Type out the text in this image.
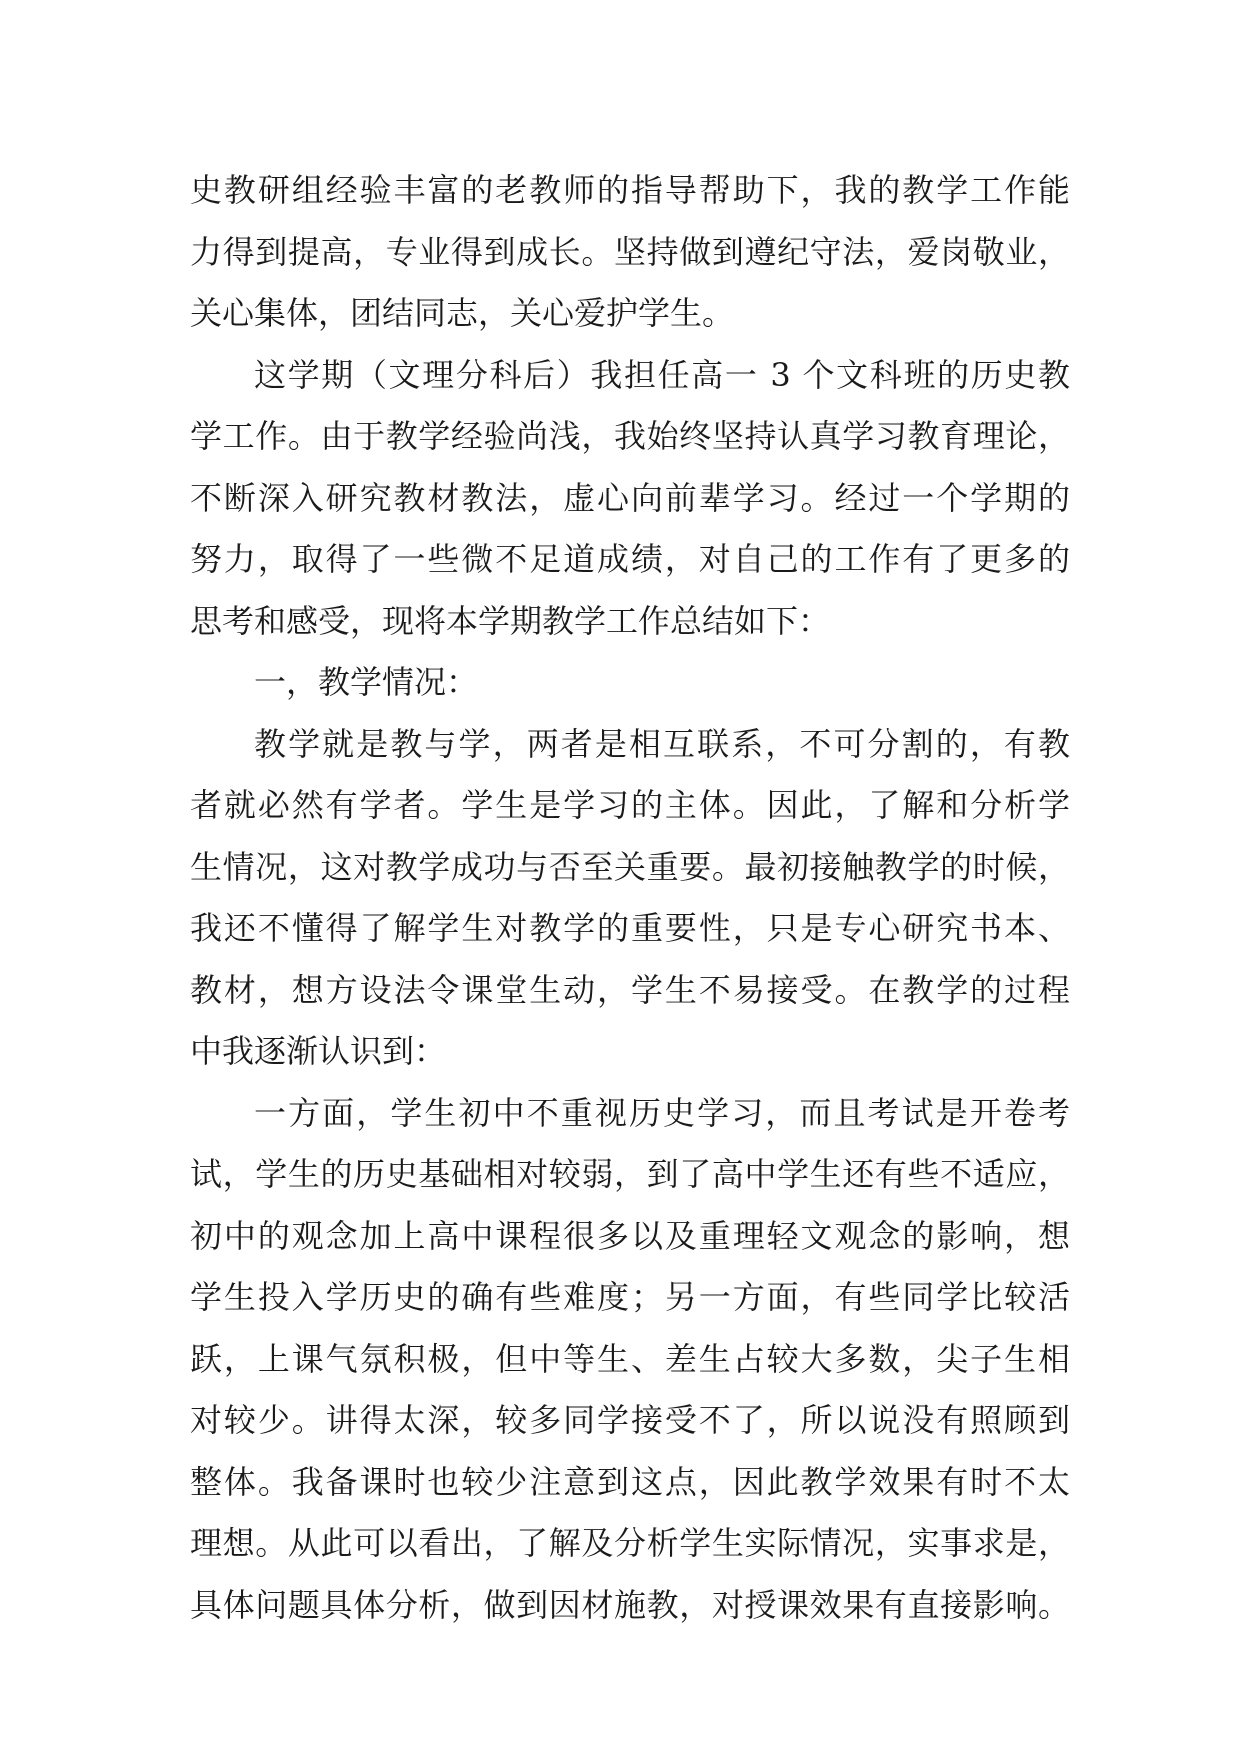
史教研组经验丰富的老教师的指导帮助下，我的教学工作能
力得到提高，专业得到成长。坚持做到遵纪守法，爱岗敬业，
关心集体，团结同志，关心爱护学生。
这学期（文理分科后）我担任高一 3 个文科班的历史教
学工作。由于教学经验尚浅，我始终坚持认真学习教育理论，
不断深入研究教材教法，虚心向前辈学习。经过一个学期的
努力，取得了一些微不足道成绩，对自己的工作有了更多的
思考和感受，现将本学期教学工作总结如下：
一，教学情况：
教学就是教与学，两者是相互联系，不可分割的，有教
者就必然有学者。学生是学习的主体。因此，了解和分析学
生情况，这对教学成功与否至关重要。最初接触教学的时候，
我还不懂得了解学生对教学的重要性，只是专心研究书本、
教材，想方设法令课堂生动，学生不易接受。在教学的过程
中我逐渐认识到：
一方面，学生初中不重视历史学习，而且考试是开卷考
试，学生的历史基础相对较弱，到了高中学生还有些不适应，
初中的观念加上高中课程很多以及重理轻文观念的影响，想
学生投入学历史的确有些难度；另一方面，有些同学比较活
跃，上课气氛积极，但中等生、差生占较大多数，尖子生相
对较少。讲得太深，较多同学接受不了，所以说没有照顾到
整体。我备课时也较少注意到这点，因此教学效果有时不太
理想。从此可以看出，了解及分析学生实际情况，实事求是，
具体问题具体分析，做到因材施教，对授课效果有直接影响。
